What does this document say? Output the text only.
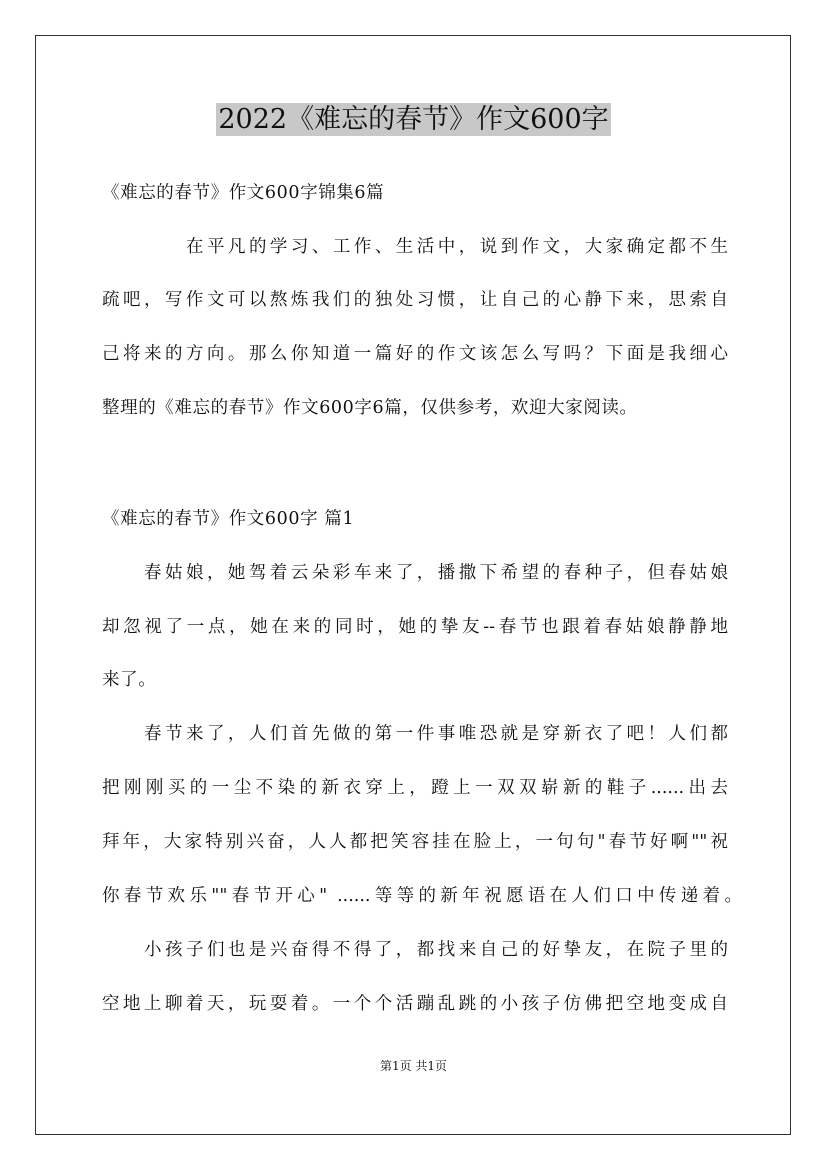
2022《难忘的春节》作文600字

《难忘的春节》作文600字锦集6篇

在平凡的学习、工作、生活中，说到作文，大家确定都不生

疏吧，写作文可以熬炼我们的独处习惯，让自己的心静下来，思索自

己将来的方向。那么你知道一篇好的作文该怎么写吗？下面是我细心

整理的《难忘的春节》作文600字6篇，仅供参考，欢迎大家阅读。

《难忘的春节》作文600字 篇1

春姑娘，她驾着云朵彩车来了，播撒下希望的春种子，但春姑娘

却忽视了一点，她在来的同时，她的挚友--春节也跟着春姑娘静静地

来了。

春节来了，人们首先做的第一件事唯恐就是穿新衣了吧！人们都

把刚刚买的一尘不染的新衣穿上，蹬上一双双崭新的鞋子......出去

拜年，大家特别兴奋，人人都把笑容挂在脸上，一句句"春节好啊""祝

你春节欢乐""春节开心" ......等等的新年祝愿语在人们口中传递着。

小孩子们也是兴奋得不得了，都找来自己的好挚友，在院子里的

空地上聊着天，玩耍着。一个个活蹦乱跳的小孩子仿佛把空地变成自

第1页 共1页
